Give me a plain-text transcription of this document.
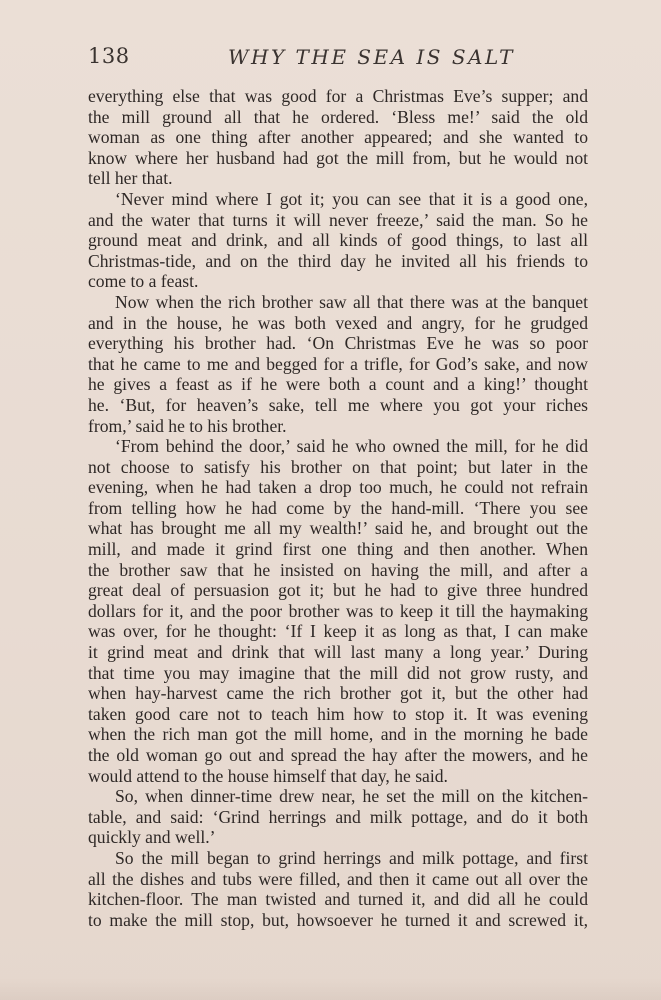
138	WHY THE SEA IS SALT
everything else that was good for a Christmas Eve’s supper; and
the mill ground all that he ordered. ‘Bless me!’ said the old
woman as one thing after another appeared; and she wanted to
know where her husband had got the mill from, but he would not
tell her that.
‘Never mind where I got it; you can see that it is a good one,
and the water that turns it will never freeze,’ said the man. So he
ground meat and drink, and all kinds of good things, to last all
Christmas-tide, and on the third day he invited all his friends to
come to a feast.
Now when the rich brother saw all that there was at the banquet
and in the house, he was both vexed and angry, for he grudged
everything his brother had. ‘On Christmas Eve he was so poor
that he came to me and begged for a trifle, for God’s sake, and now
he gives a feast as if he were both a count and a king!’ thought
he. ‘But, for heaven’s sake, tell me where you got your riches
from,’ said he to his brother.
‘From behind the door,’ said he who owned the mill, for he did
not choose to satisfy his brother on that point; but later in the
evening, when he had taken a drop too much, he could not refrain
from telling how he had come by the hand-mill. ‘There you see
what has brought me all my wealth!’ said he, and brought out the
mill, and made it grind first one thing and then another. When
the brother saw that he insisted on having the mill, and after a
great deal of persuasion got it; but he had to give three hundred
dollars for it, and the poor brother was to keep it till the haymaking
was over, for he thought: ‘If I keep it as long as that, I can make
it grind meat and drink that will last many a long year.’ During
that time you may imagine that the mill did not grow rusty, and
when hay-harvest came the rich brother got it, but the other had
taken good care not to teach him how to stop it. It was evening
when the rich man got the mill home, and in the morning he bade
the old woman go out and spread the hay after the mowers, and he
would attend to the house himself that day, he said.
So, when dinner-time drew near, he set the mill on the kitchen-
table, and said: ‘Grind herrings and milk pottage, and do it both
quickly and well.’
So the mill began to grind herrings and milk pottage, and first
all the dishes and tubs were filled, and then it came out all over the
kitchen-floor. The man twisted and turned it, and did all he could
to make the mill stop, but, howsoever he turned it and screwed it,
